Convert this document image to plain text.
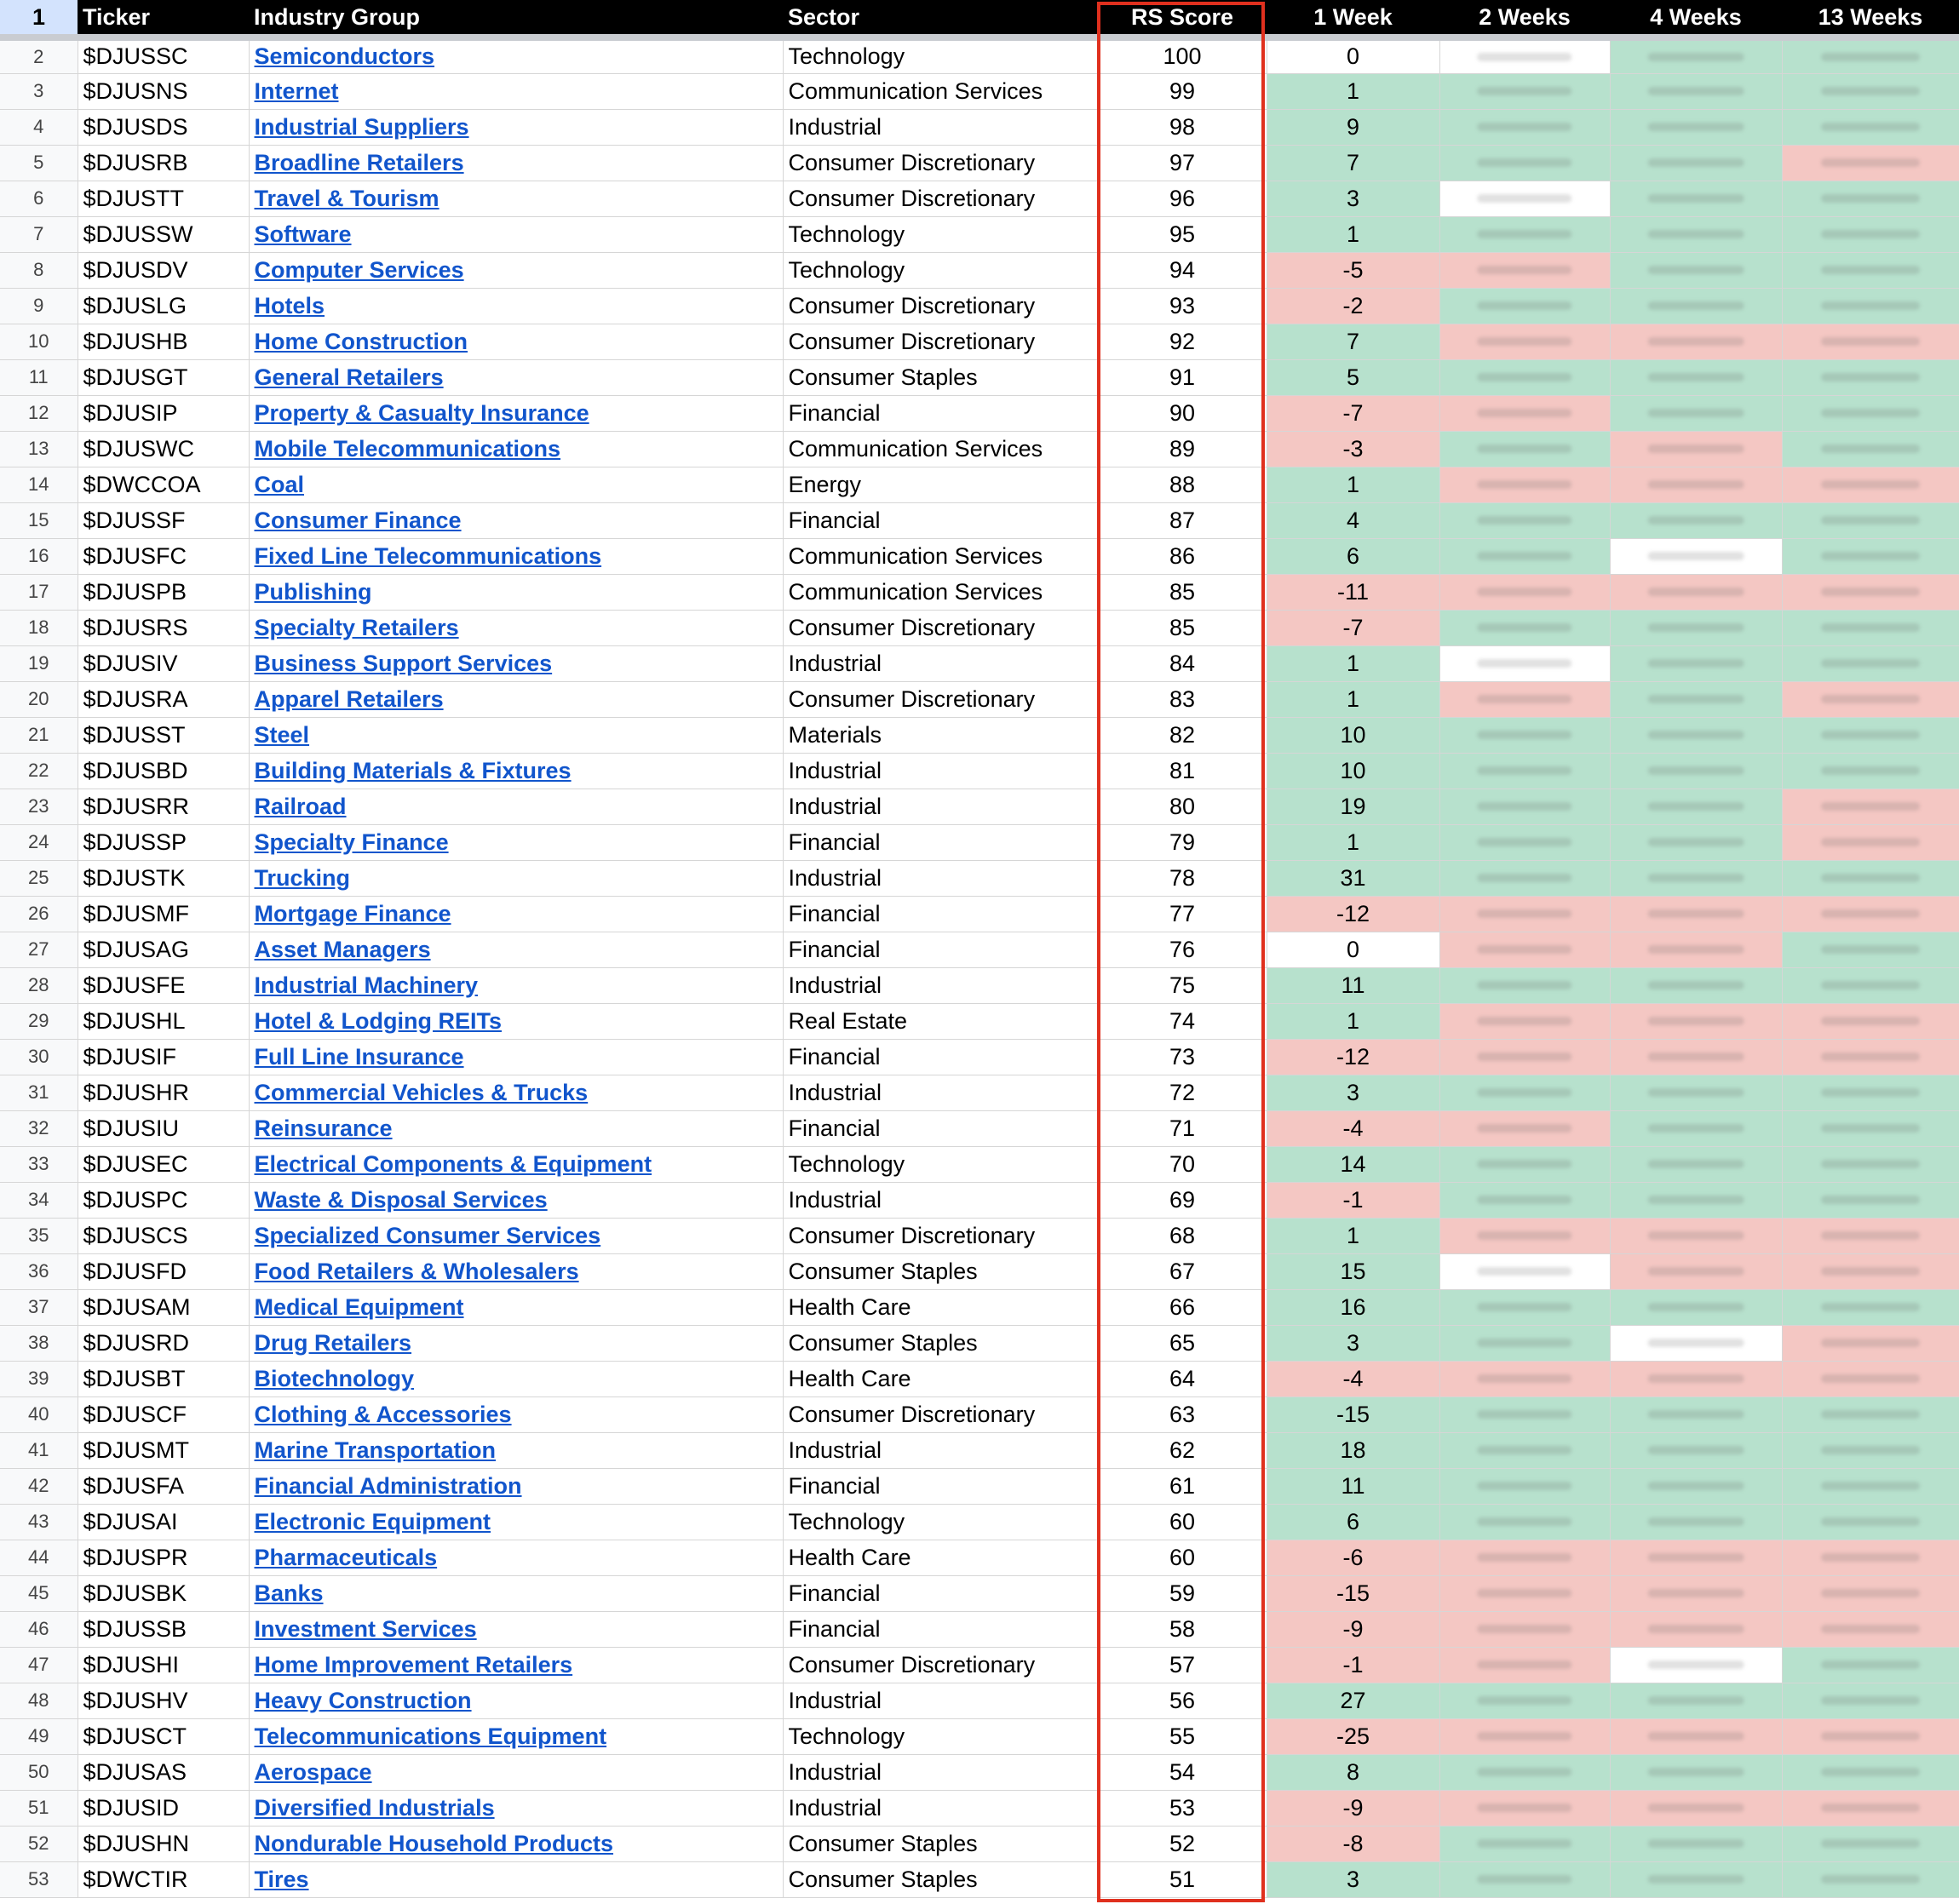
1	Ticker	Industry Group	Sector	RS Score	1 Week	2 Weeks	4 Weeks	13 Weeks
2	$DJUSSC	Semiconductors	Technology	100	0	

3	$DJUSNS	Internet	Communication Services	99	1	

4	$DJUSDS	Industrial Suppliers	Industrial	98	9	

5	$DJUSRB	Broadline Retailers	Consumer Discretionary	97	7	

6	$DJUSTT	Travel & Tourism	Consumer Discretionary	96	3	

7	$DJUSSW	Software	Technology	95	1	

8	$DJUSDV	Computer Services	Technology	94	-5	

9	$DJUSLG	Hotels	Consumer Discretionary	93	-2	

10	$DJUSHB	Home Construction	Consumer Discretionary	92	7	

11	$DJUSGT	General Retailers	Consumer Staples	91	5	

12	$DJUSIP	Property & Casualty Insurance	Financial	90	-7	

13	$DJUSWC	Mobile Telecommunications	Communication Services	89	-3	

14	$DWCCOA	Coal	Energy	88	1	

15	$DJUSSF	Consumer Finance	Financial	87	4	

16	$DJUSFC	Fixed Line Telecommunications	Communication Services	86	6	

17	$DJUSPB	Publishing	Communication Services	85	-11	

18	$DJUSRS	Specialty Retailers	Consumer Discretionary	85	-7	

19	$DJUSIV	Business Support Services	Industrial	84	1	

20	$DJUSRA	Apparel Retailers	Consumer Discretionary	83	1	

21	$DJUSST	Steel	Materials	82	10	

22	$DJUSBD	Building Materials & Fixtures	Industrial	81	10	

23	$DJUSRR	Railroad	Industrial	80	19	

24	$DJUSSP	Specialty Finance	Financial	79	1	

25	$DJUSTK	Trucking	Industrial	78	31	

26	$DJUSMF	Mortgage Finance	Financial	77	-12	

27	$DJUSAG	Asset Managers	Financial	76	0	

28	$DJUSFE	Industrial Machinery	Industrial	75	11	

29	$DJUSHL	Hotel & Lodging REITs	Real Estate	74	1	

30	$DJUSIF	Full Line Insurance	Financial	73	-12	

31	$DJUSHR	Commercial Vehicles & Trucks	Industrial	72	3	

32	$DJUSIU	Reinsurance	Financial	71	-4	

33	$DJUSEC	Electrical Components & Equipment	Technology	70	14	

34	$DJUSPC	Waste & Disposal Services	Industrial	69	-1	

35	$DJUSCS	Specialized Consumer Services	Consumer Discretionary	68	1	

36	$DJUSFD	Food Retailers & Wholesalers	Consumer Staples	67	15	

37	$DJUSAM	Medical Equipment	Health Care	66	16	

38	$DJUSRD	Drug Retailers	Consumer Staples	65	3	

39	$DJUSBT	Biotechnology	Health Care	64	-4	

40	$DJUSCF	Clothing & Accessories	Consumer Discretionary	63	-15	

41	$DJUSMT	Marine Transportation	Industrial	62	18	

42	$DJUSFA	Financial Administration	Financial	61	11	

43	$DJUSAI	Electronic Equipment	Technology	60	6	

44	$DJUSPR	Pharmaceuticals	Health Care	60	-6	

45	$DJUSBK	Banks	Financial	59	-15	

46	$DJUSSB	Investment Services	Financial	58	-9	

47	$DJUSHI	Home Improvement Retailers	Consumer Discretionary	57	-1	

48	$DJUSHV	Heavy Construction	Industrial	56	27	

49	$DJUSCT	Telecommunications Equipment	Technology	55	-25	

50	$DJUSAS	Aerospace	Industrial	54	8	

51	$DJUSID	Diversified Industrials	Industrial	53	-9	

52	$DJUSHN	Nondurable Household Products	Consumer Staples	52	-8	

53	$DWCTIR	Tires	Consumer Staples	51	3	
